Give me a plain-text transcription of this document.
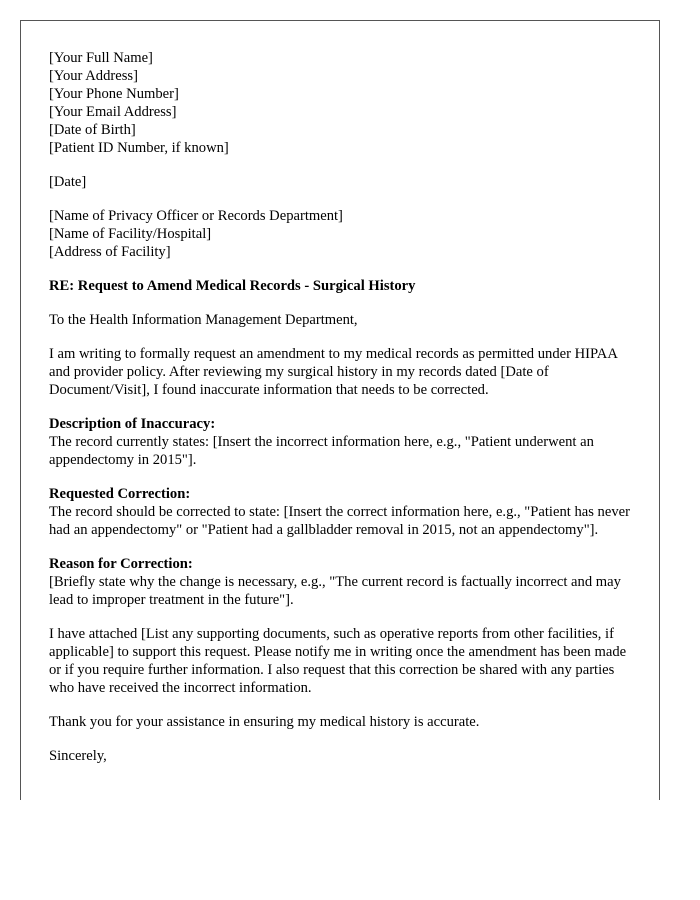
[Your Full Name]
[Your Address]
[Your Phone Number]
[Your Email Address]
[Date of Birth]
[Patient ID Number, if known]
[Date]
[Name of Privacy Officer or Records Department]
[Name of Facility/Hospital]
[Address of Facility]

RE: Request to Amend Medical Records - Surgical History

To the Health Information Management Department,

I am writing to formally request an amendment to my medical records as permitted under HIPAA and provider policy. After reviewing my surgical history in my records dated [Date of Document/Visit], I found inaccurate information that needs to be corrected.

Description of Inaccuracy:
The record currently states: [Insert the incorrect information here, e.g., "Patient underwent an appendectomy in 2015"].
Requested Correction:
The record should be corrected to state: [Insert the correct information here, e.g., "Patient has never had an appendectomy" or "Patient had a gallbladder removal in 2015, not an appendectomy"].
Reason for Correction:
[Briefly state why the change is necessary, e.g., "The current record is factually incorrect and may lead to improper treatment in the future"].

I have attached [List any supporting documents, such as operative reports from other facilities, if applicable] to support this request. Please notify me in writing once the amendment has been made or if you require further information. I also request that this correction be shared with any parties who have received the incorrect information.

Thank you for your assistance in ensuring my medical history is accurate.

Sincerely,
